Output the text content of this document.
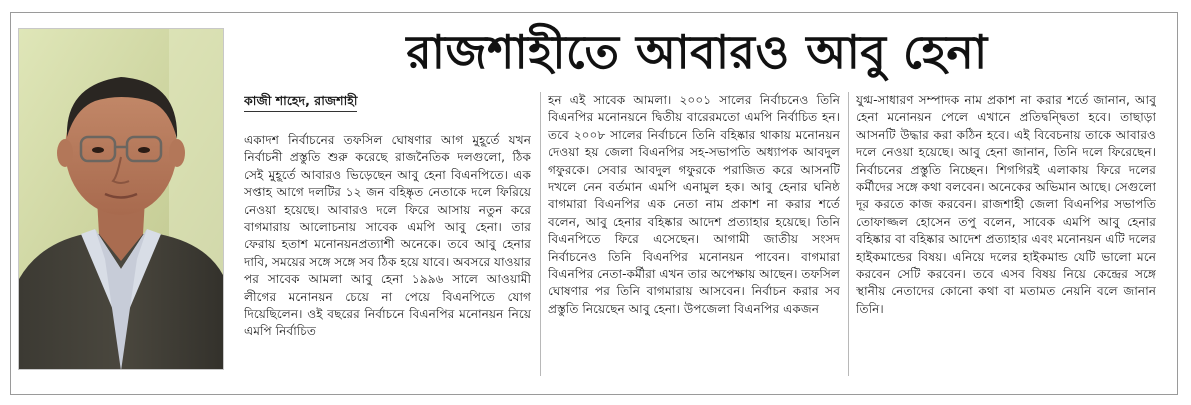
রাজশাহীতে আবারও আবু হেনা
কাজী শাহেদ, রাজশাহী

একাদশ নির্বাচনের তফসিল ঘোষণার আগ মুহূর্তে যখন নির্বাচনী প্রস্তুতি শুরু করেছে রাজনৈতিক দলগুলো, ঠিক সেই মুহূর্তে আবারও ভিড়েছেন আবু হেনা বিএনপিতে। এক সপ্তাহ আগে দলটির ১২ জন বহিষ্কৃত নেতাকে দলে ফিরিয়ে নেওয়া হয়েছে। আবারও দলে ফিরে আসায় নতুন করে বাগমারায় আলোচনায় সাবেক এমপি আবু হেনা। তার ফেরায় হতাশ মনোনয়নপ্রত্যাশী অনেকে। তবে আবু হেনার দাবি, সময়ের সঙ্গে সঙ্গে সব ঠিক হয়ে যাবে। অবসরে যাওয়ার পর সাবেক আমলা আবু হেনা ১৯৯৬ সালে আওয়ামী লীগের মনোনয়ন চেয়ে না পেয়ে বিএনপিতে যোগ দিয়েছিলেন। ওই বছরের নির্বাচনে বিএনপির মনোনয়ন নিয়ে এমপি নির্বাচিত

হন এই সাবেক আমলা। ২০০১ সালের নির্বাচনেও তিনি বিএনপির মনোনয়নে দ্বিতীয় বারেরমতো এমপি নির্বাচিত হন। তবে ২০০৮ সালের নির্বাচনে তিনি বহিষ্কার থাকায় মনোনয়ন দেওয়া হয় জেলা বিএনপির সহ-সভাপতি অধ্যাপক আবদুল গফুরকে। সেবার আবদুল গফুরকে পরাজিত করে আসনটি দখলে নেন বর্তমান এমপি এনামুল হক। আবু হেনার ঘনিষ্ঠ বাগমারা বিএনপির এক নেতা নাম প্রকাশ না করার শর্তে বলেন, আবু হেনার বহিষ্কার আদেশ প্রত্যাহার হয়েছে। তিনি বিএনপিতে ফিরে এসেছেন। আগামী জাতীয় সংসদ নির্বাচনেও তিনি বিএনপির মনোনয়ন পাবেন। বাগমারা বিএনপির নেতা-কর্মীরা এখন তার অপেক্ষায় আছেন। তফসিল ঘোষণার পর তিনি বাগমারায় আসবেন। নির্বাচন করার সব প্রস্তুতি নিয়েছেন আবু হেনা। উপজেলা বিএনপির একজন

যুগ্ম-সাধারণ সম্পাদক নাম প্রকাশ না করার শর্তে জানান, আবু হেনা মনোনয়ন পেলে এখানে প্রতিদ্বন্দ্বিতা হবে। তাছাড়া আসনটি উদ্ধার করা কঠিন হবে। এই বিবেচনায় তাকে আবারও দলে নেওয়া হয়েছে। আবু হেনা জানান, তিনি দলে ফিরেছেন। নির্বাচনের প্রস্তুতি নিচ্ছেন। শিগগিরই এলাকায় ফিরে দলের কর্মীদের সঙ্গে কথা বলবেন। অনেকের অভিমান আছে। সেগুলো দূর করতে কাজ করবেন। রাজশাহী জেলা বিএনপির সভাপতি তোফাজ্জল হোসেন তপু বলেন, সাবেক এমপি আবু হেনার বহিষ্কার বা বহিষ্কার আদেশ প্রত্যাহার এবং মনোনয়ন এটি দলের হাইকমান্ডের বিষয়। এনিয়ে দলের হাইকমান্ড যেটি ভালো মনে করবেন সেটি করবেন। তবে এসব বিষয় নিয়ে কেন্দ্রের সঙ্গে স্থানীয় নেতাদের কোনো কথা বা মতামত নেয়নি বলে জানান তিনি।
